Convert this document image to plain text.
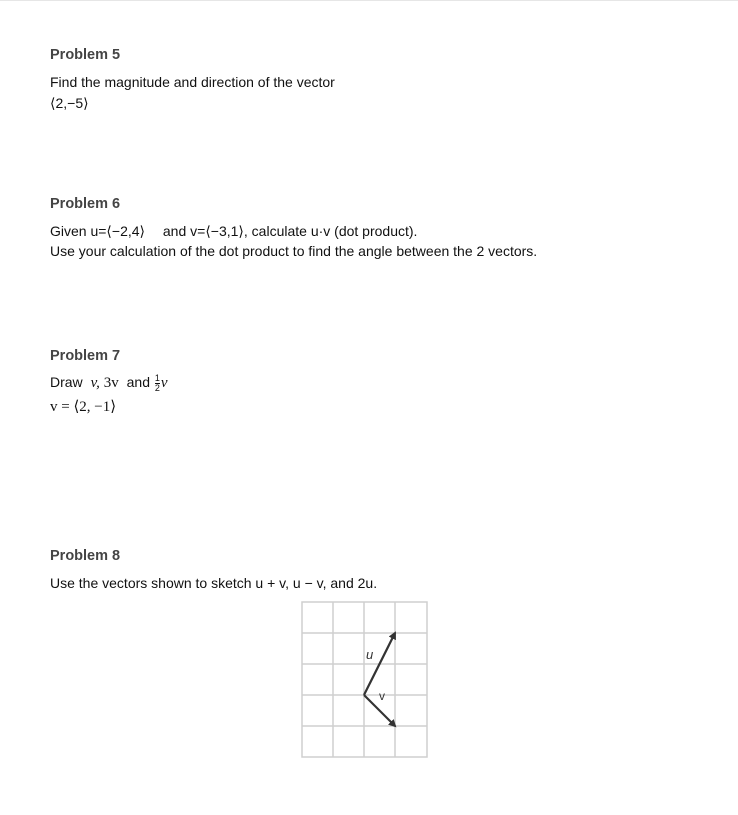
Problem 5
Find the magnitude and direction of the vector
⟨2,−5⟩
Problem 6
Given u=⟨−2,4⟩ and v=⟨−3,1⟩, calculate u·v (dot product).
Use your calculation of the dot product to find the angle between the 2 vectors.
Problem 7
Draw v, 3v and $\frac{1}{2}$ v
v = ⟨2, −1⟩
Problem 8
Use the vectors shown to sketch u + v, u − v, and 2u.
u
v
